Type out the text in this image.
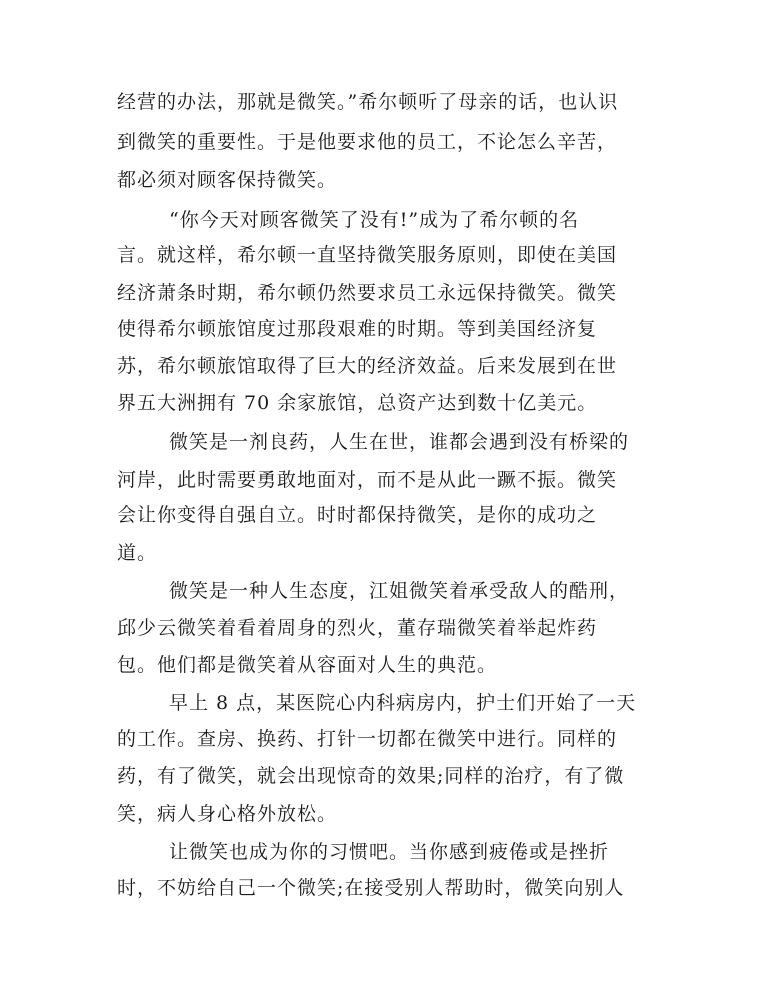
经营的办法，那就是微笑。”希尔顿听了母亲的话，也认识
到微笑的重要性。于是他要求他的员工，不论怎么辛苦，
都必须对顾客保持微笑。
“你今天对顾客微笑了没有!”成为了希尔顿的名
言。就这样，希尔顿一直坚持微笑服务原则，即使在美国
经济萧条时期，希尔顿仍然要求员工永远保持微笑。微笑
使得希尔顿旅馆度过那段艰难的时期。等到美国经济复
苏，希尔顿旅馆取得了巨大的经济效益。后来发展到在世
界五大洲拥有 70 余家旅馆，总资产达到数十亿美元。
微笑是一剂良药，人生在世，谁都会遇到没有桥梁的
河岸，此时需要勇敢地面对，而不是从此一蹶不振。微笑
会让你变得自强自立。时时都保持微笑，是你的成功之
道。
微笑是一种人生态度，江姐微笑着承受敌人的酷刑，
邱少云微笑着看着周身的烈火，董存瑞微笑着举起炸药
包。他们都是微笑着从容面对人生的典范。
早上 8 点，某医院心内科病房内，护士们开始了一天
的工作。查房、换药、打针一切都在微笑中进行。同样的
药，有了微笑，就会出现惊奇的效果;同样的治疗，有了微
笑，病人身心格外放松。
让微笑也成为你的习惯吧。当你感到疲倦或是挫折
时，不妨给自己一个微笑;在接受别人帮助时，微笑向别人
